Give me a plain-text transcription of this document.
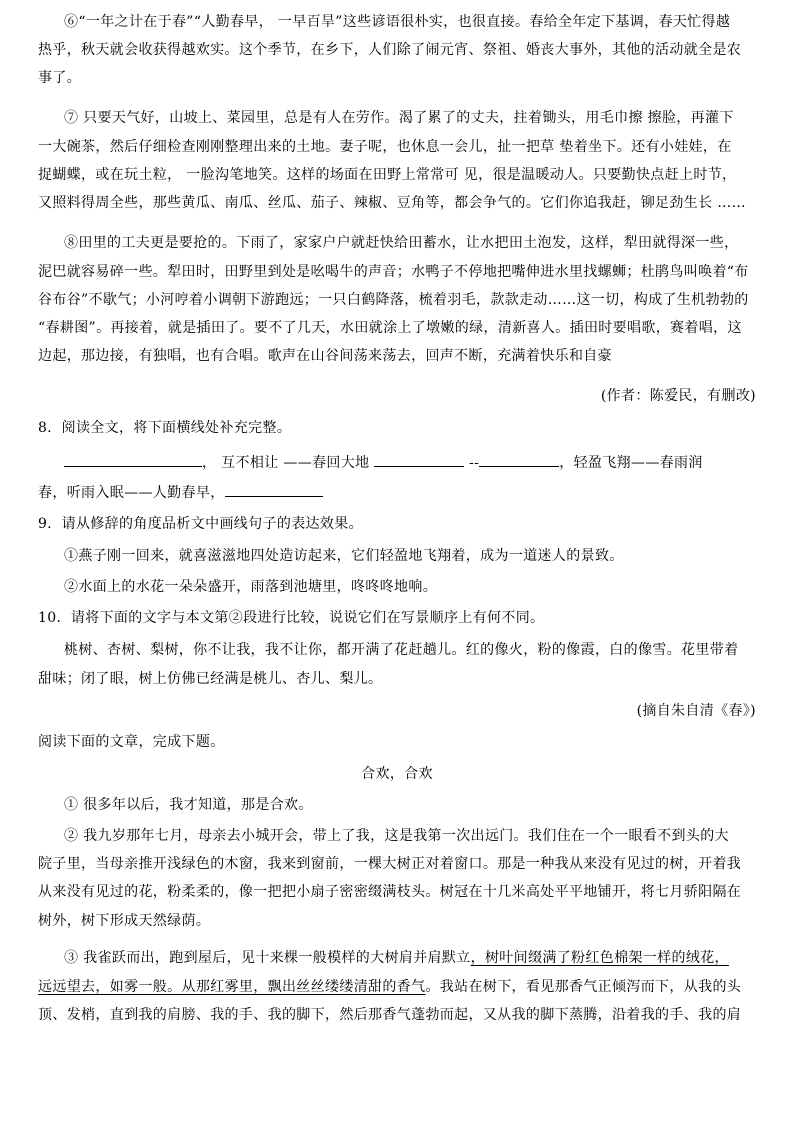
⑥“一年之计在于春”“人勤春早， 一早百旱”这些谚语很朴实，也很直接。春给全年定下基调，春天忙得越
热乎，秋天就会收获得越欢实。这个季节，在乡下，人们除了闹元宵、祭祖、婚丧大事外，其他的活动就全是农
事了。
⑦ 只要天气好，山坡上、菜园里，总是有人在劳作。渴了累了的丈夫，拄着锄头，用毛巾擦 擦脸，再灌下
一大碗茶，然后仔细检查刚刚整理出来的土地。妻子呢，也休息一会儿，扯一把草 垫着坐下。还有小娃娃，在
捉蝴蝶，或在玩土粒， 一脸沟笔地笑。这样的场面在田野上常常可 见，很是温暖动人。只要勤快点赶上时节，
又照料得周全些，那些黄瓜、南瓜、丝瓜、茄子、辣椒、豆角等，都会争气的。它们你追我赶，铆足劲生长 ……
⑧田里的工夫更是要抢的。下雨了，家家户户就赶快给田蓄水，让水把田土泡发，这样，犁田就得深一些，
泥巴就容易碎一些。犁田时，田野里到处是吆喝牛的声音；水鸭子不停地把嘴伸进水里找螺蛳；杜鹃鸟叫唤着“布
谷布谷”不歇气；小河哼着小调朝下游跑远；一只白鹤降落，梳着羽毛，款款走动……这一切，构成了生机勃勃的
“春耕图”。再接着，就是插田了。要不了几天，水田就涂上了墩嫩的绿，清新喜人。插田时要唱歌，赛着唱，这
边起，那边接，有独唱，也有合唱。歌声在山谷间荡来荡去，回声不断，充满着快乐和自豪
(作者：陈爱民，有删改)
8．阅读全文，将下面横线处补充完整。
， 互不相让 ——春回大地	--	，轻盈飞翔——春雨润
春，听雨入眠——人勤春早，
9．请从修辞的角度品析文中画线句子的表达效果。
①燕子刚一回来，就喜滋滋地四处造访起来，它们轻盈地飞翔着，成为一道迷人的景致。
②水面上的水花一朵朵盛开，雨落到池塘里，咚咚咚地响。
10．请将下面的文字与本文第②段进行比较，说说它们在写景顺序上有何不同。
桃树、杏树、梨树，你不让我，我不让你，都开满了花赶趟儿。红的像火，粉的像霞，白的像雪。花里带着
甜味；闭了眼，树上仿佛已经满是桃儿、杏儿、梨儿。
(摘自朱自清《春》)
阅读下面的文章，完成下题。
合欢，合欢
① 很多年以后，我才知道，那是合欢。
② 我九岁那年七月，母亲去小城开会，带上了我，这是我第一次出远门。我们住在一个一眼看不到头的大
院子里，当母亲推开浅绿色的木窗，我来到窗前，一棵大树正对着窗口。那是一种我从来没有见过的树，开着我
从来没有见过的花，粉柔柔的，像一把把小扇子密密缀满枝头。树冠在十几米高处平平地铺开，将七月骄阳隔在
树外，树下形成天然绿荫。
③ 我雀跃而出，跑到屋后，见十来棵一般模样的大树肩并肩默立，树叶间缀满了粉红色棉架一样的绒花，
远远望去，如雾一般。从那红雾里，飘出丝丝缕缕清甜的香气。我站在树下，看见那香气正倾泻而下，从我的头
顶、发梢，直到我的肩膀、我的手、我的脚下，然后那香气蓬勃而起，又从我的脚下蒸腾，沿着我的手、我的肩
